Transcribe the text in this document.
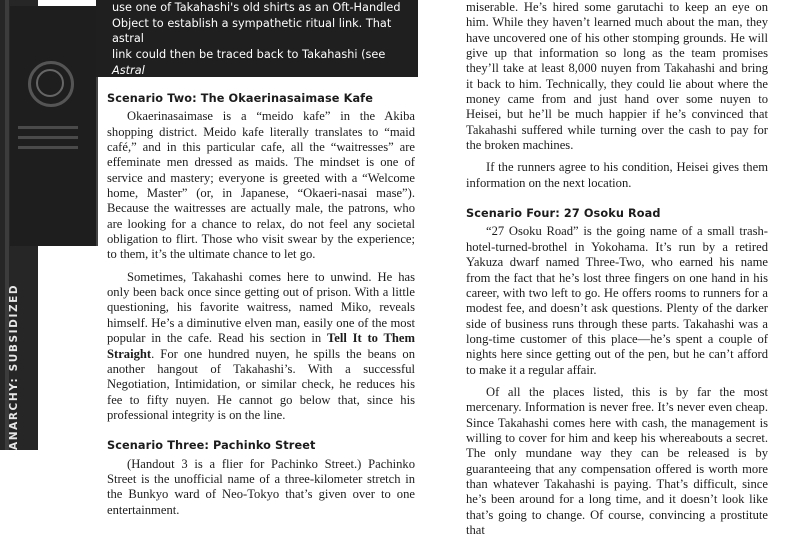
ANARCHY: SUBSIDIZED

use one of Takahashi's old shirts as an Oft-Handled

Object to establish a sympathetic ritual link. That astral

link could then be traced back to Takahashi (see Astral

Tracking, SR4A, p. 193).

Scenario Two: The Okaerinasaimase Kafe

Okaerinasaimase is a “meido kafe” in the Akiba shopping district. Meido kafe literally translates to “maid café,” and in this particular cafe, all the “waitresses” are effeminate men dressed as maids. The mindset is one of service and mastery; everyone is greeted with a “Welcome home, Master” (or, in Japanese, “Okaeri-nasai mase”). Because the waitresses are actually male, the patrons, who are looking for a chance to relax, do not feel any societal obligation to flirt. Those who visit swear by the experience; to them, it’s the ultimate chance to let go.

Sometimes, Takahashi comes here to unwind. He has only been back once since getting out of prison. With a little questioning, his favorite waitress, named Miko, reveals himself. He’s a diminutive elven man, easily one of the most popular in the cafe. Read his section in Tell It to Them Straight. For one hundred nuyen, he spills the beans on another hangout of Takahashi’s. With a successful Negotiation, Intimidation, or similar check, he reduces his fee to fifty nuyen. He cannot go below that, since his professional integrity is on the line.

Scenario Three: Pachinko Street

(Handout 3 is a flier for Pachinko Street.) Pachinko Street is the unofficial name of a three-kilometer stretch in the Bunkyo ward of Neo-Tokyo that’s given over to one entertainment.

miserable. He’s hired some garutachi to keep an eye on him. While they haven’t learned much about the man, they have uncovered one of his other stomping grounds. He will give up that information so long as the team promises they’ll take at least 8,000 nuyen from Takahashi and bring it back to him. Technically, they could lie about where the money came from and just hand over some nuyen to Heisei, but he’ll be much happier if he’s convinced that Takahashi suffered while turning over the cash to pay for the broken machines.

If the runners agree to his condition, Heisei gives them information on the next location.

Scenario Four: 27 Osoku Road

“27 Osoku Road” is the going name of a small trash-hotel-turned-brothel in Yokohama. It’s run by a retired Yakuza dwarf named Three-Two, who earned his name from the fact that he’s lost three fingers on one hand in his career, with two left to go. He offers rooms to runners for a modest fee, and doesn’t ask questions. Plenty of the darker side of business runs through these parts. Takahashi was a long-time customer of this place—he’s spent a couple of nights here since getting out of the pen, but he can’t afford to make it a regular affair.

Of all the places listed, this is by far the most mercenary. Information is never free. It’s never even cheap. Since Takahashi comes here with cash, the management is willing to cover for him and keep his whereabouts a secret. The only mundane way they can be released is by guaranteeing that any compensation offered is worth more than whatever Takahashi is paying. That’s difficult, since he’s been around for a long time, and it doesn’t look like that’s going to change. Of course, convincing a prostitute that
